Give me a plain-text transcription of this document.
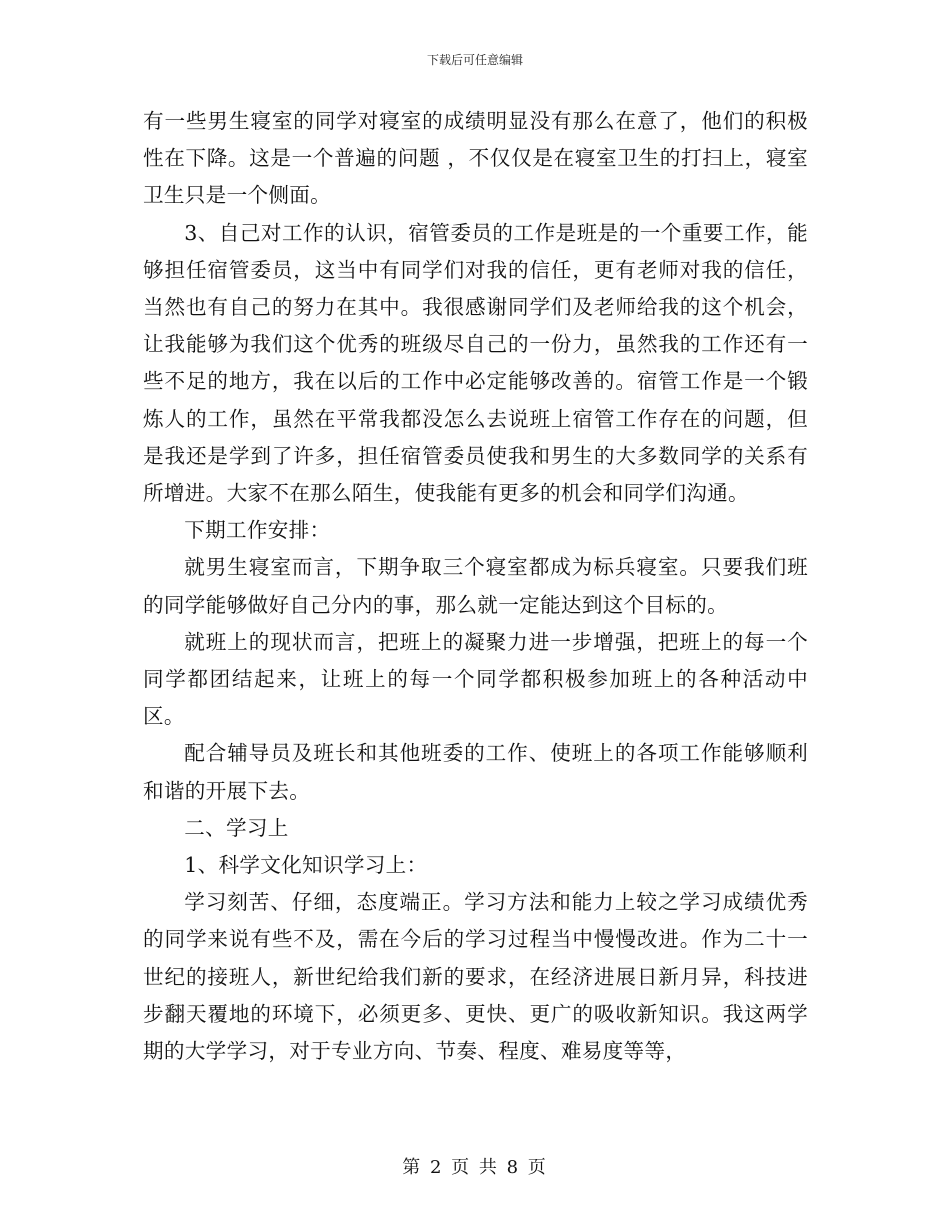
下载后可任意编辑

有一些男生寝室的同学对寝室的成绩明显没有那么在意了，他们的积极性在下降。这是一个普遍的问题 ，不仅仅是在寝室卫生的打扫上，寝室卫生只是一个侧面。

3、自己对工作的认识，宿管委员的工作是班是的一个重要工作，能够担任宿管委员，这当中有同学们对我的信任，更有老师对我的信任，当然也有自己的努力在其中。我很感谢同学们及老师给我的这个机会，让我能够为我们这个优秀的班级尽自己的一份力，虽然我的工作还有一些不足的地方，我在以后的工作中必定能够改善的。宿管工作是一个锻炼人的工作，虽然在平常我都没怎么去说班上宿管工作存在的问题，但是我还是学到了许多，担任宿管委员使我和男生的大多数同学的关系有所增进。大家不在那么陌生，使我能有更多的机会和同学们沟通。

下期工作安排：

就男生寝室而言，下期争取三个寝室都成为标兵寝室。只要我们班的同学能够做好自己分内的事，那么就一定能达到这个目标的。

就班上的现状而言，把班上的凝聚力进一步增强，把班上的每一个同学都团结起来，让班上的每一个同学都积极参加班上的各种活动中区。

配合辅导员及班长和其他班委的工作、使班上的各项工作能够顺利和谐的开展下去。

二、学习上

1、科学文化知识学习上：

学习刻苦、仔细，态度端正。学习方法和能力上较之学习成绩优秀的同学来说有些不及，需在今后的学习过程当中慢慢改进。作为二十一世纪的接班人，新世纪给我们新的要求，在经济进展日新月异，科技进步翻天覆地的环境下，必须更多、更快、更广的吸收新知识。我这两学期的大学学习，对于专业方向、节奏、程度、难易度等等，

第 2 页 共 8 页
